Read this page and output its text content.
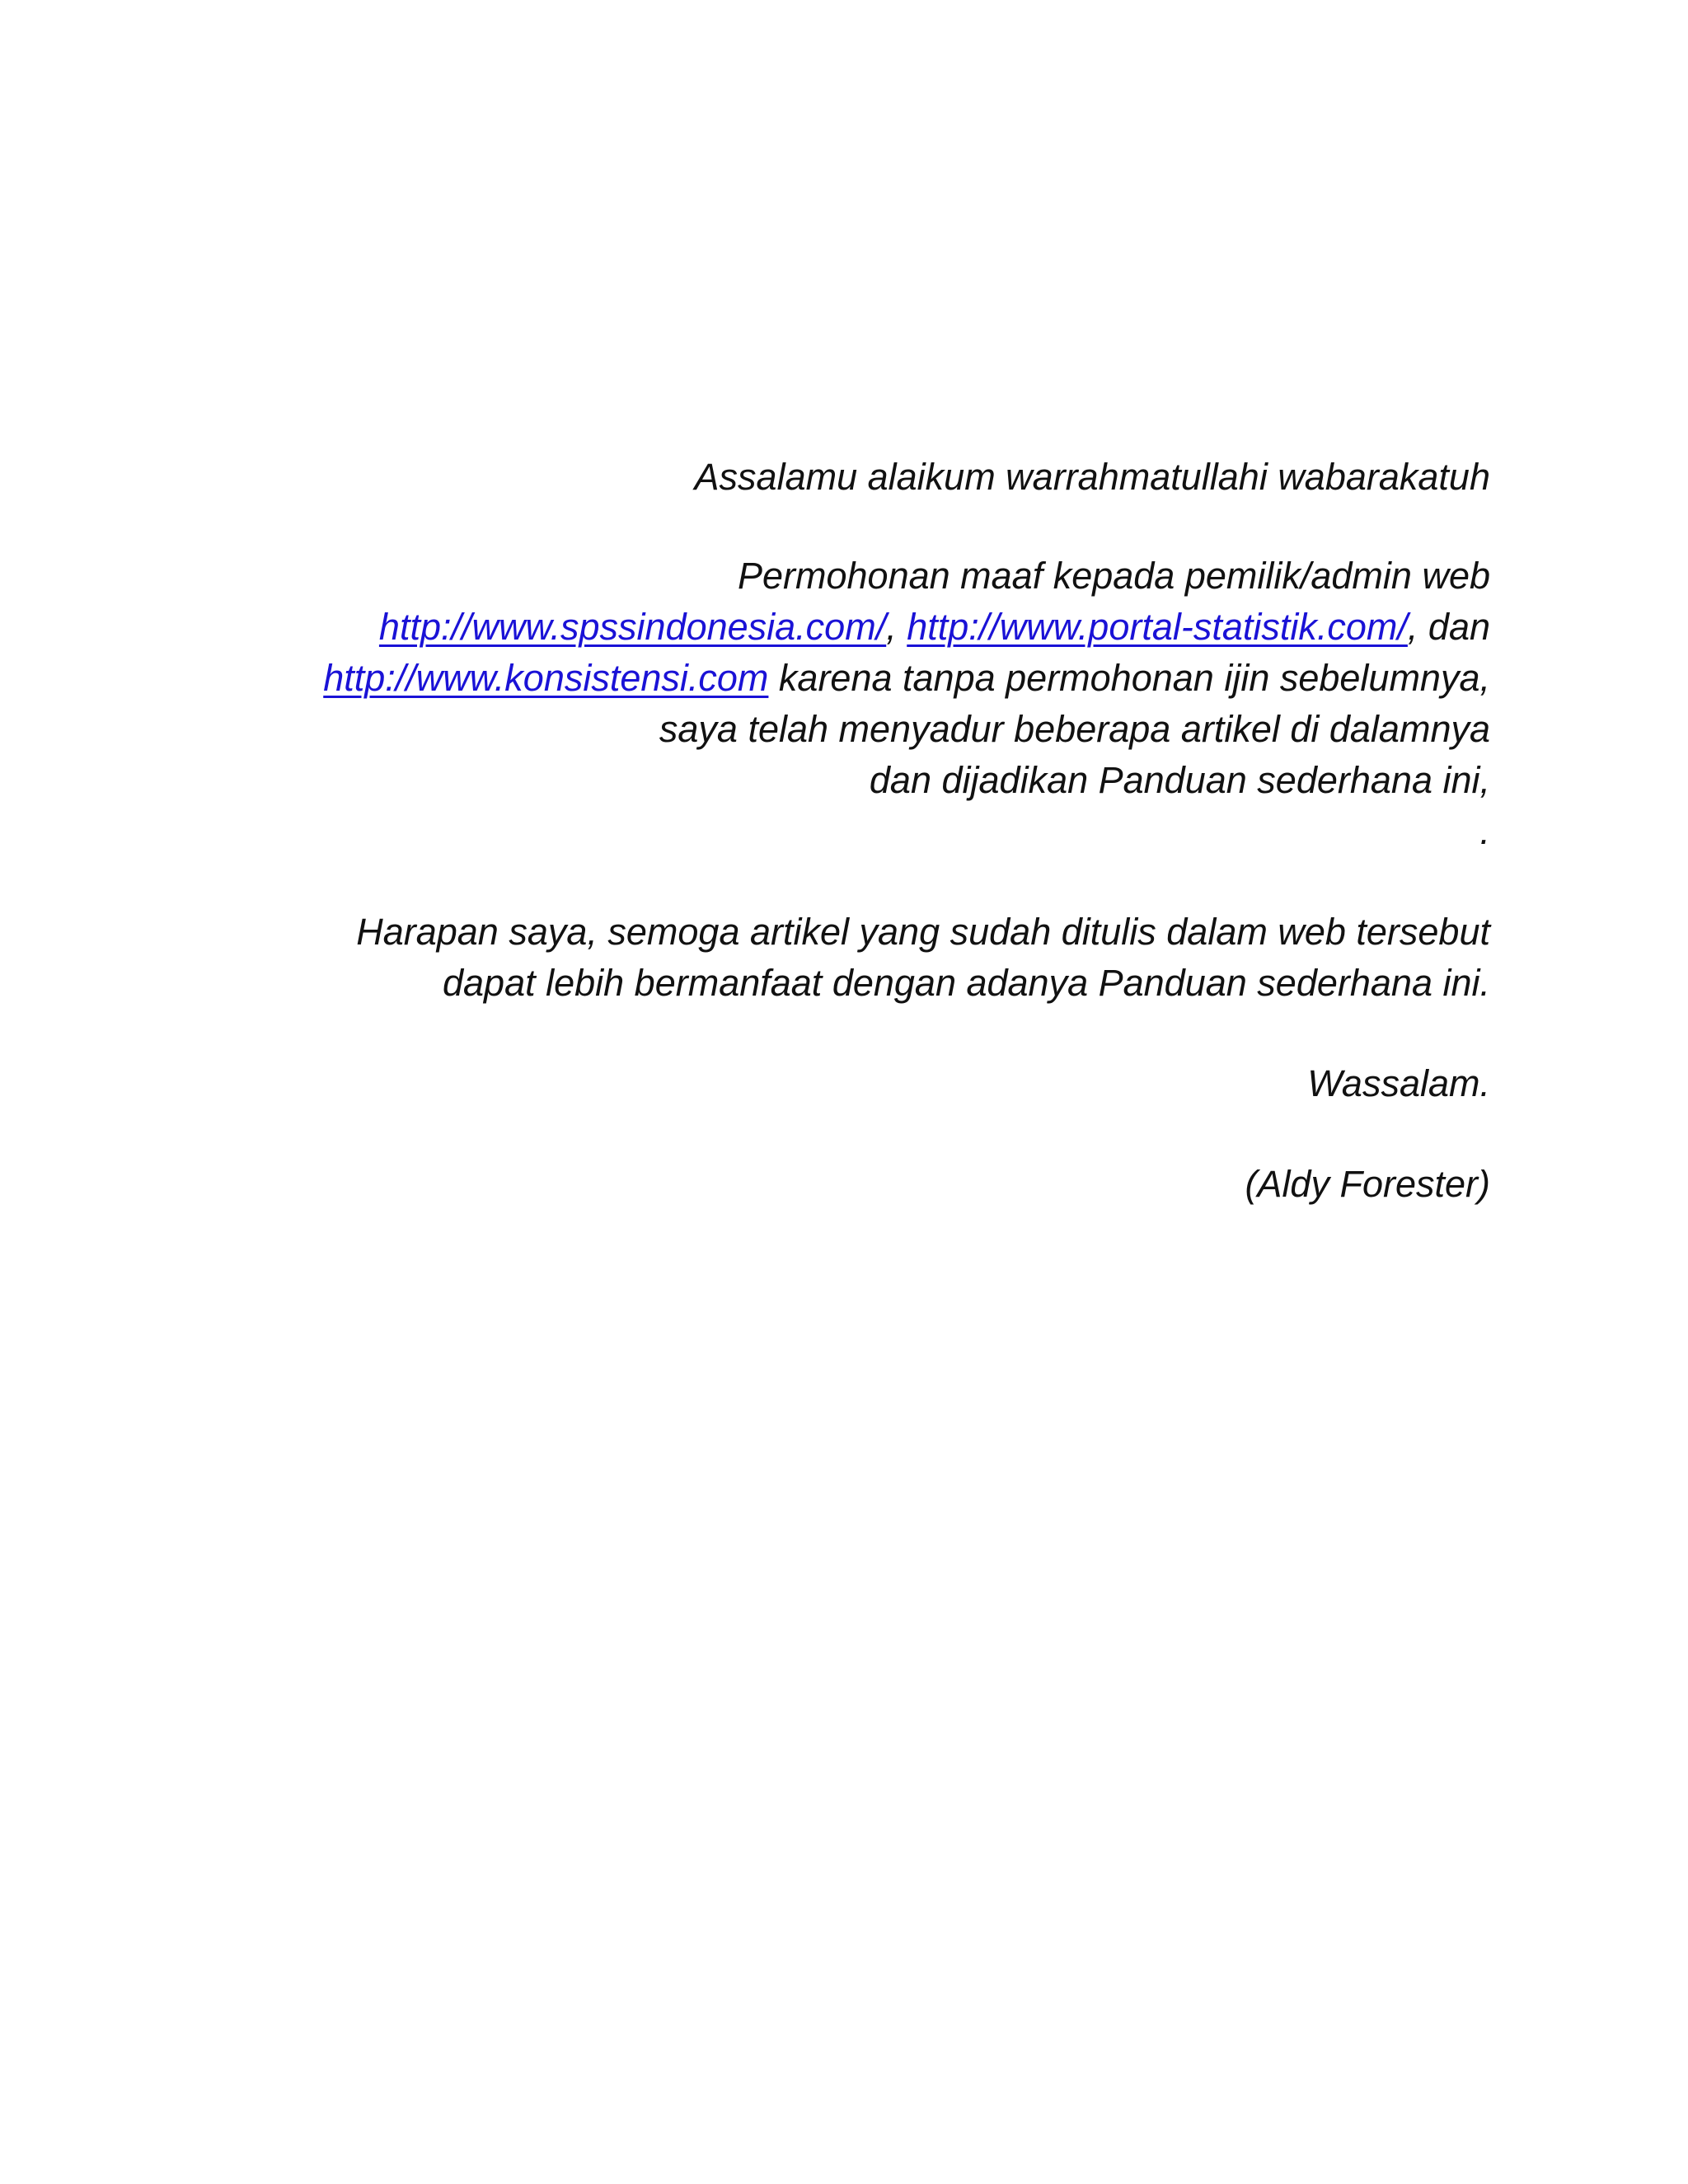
Assalamu alaikum warrahmatullahi wabarakatuh
Permohonan maaf kepada pemilik/admin web
http://www.spssindonesia.com/, http://www.portal-statistik.com/, dan
http://www.konsistensi.com karena tanpa permohonan ijin sebelumnya,
saya telah menyadur beberapa artikel di dalamnya
dan dijadikan Panduan sederhana ini,
.
Harapan saya, semoga artikel yang sudah ditulis dalam web tersebut
dapat lebih bermanfaat dengan adanya Panduan sederhana ini.
Wassalam.
(Aldy Forester)
